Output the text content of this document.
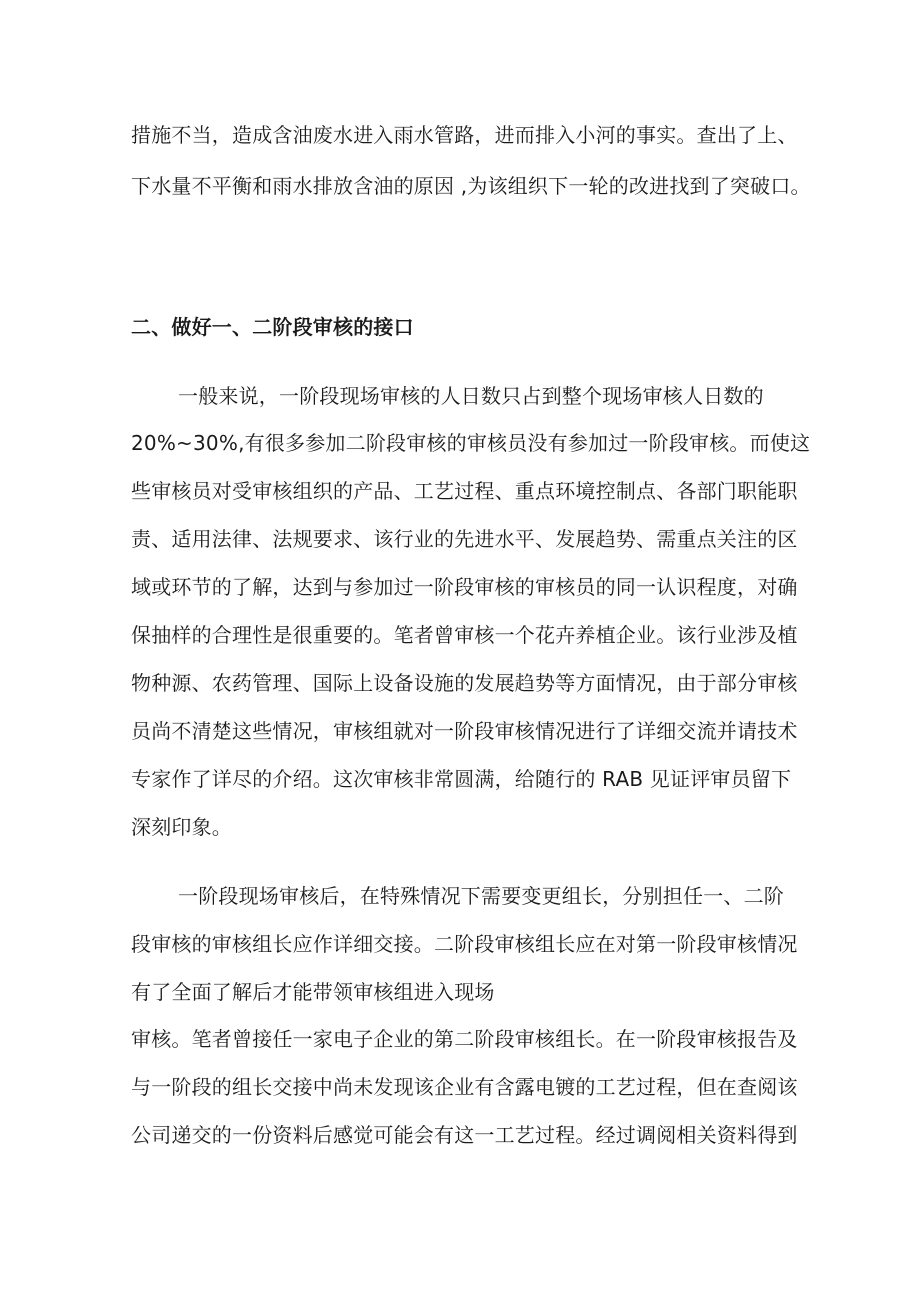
措施不当，造成含油废水进入雨水管路，进而排入小河的事实。查出了上、
下水量不平衡和雨水排放含油的原因 ,为该组织下一轮的改进找到了突破口。
二、做好一、二阶段审核的接口
一般来说，一阶段现场审核的人日数只占到整个现场审核人日数的
20%~30%,有很多参加二阶段审核的审核员没有参加过一阶段审核。而使这
些审核员对受审核组织的产品、工艺过程、重点环境控制点、各部门职能职
责、适用法律、法规要求、该行业的先进水平、发展趋势、需重点关注的区
域或环节的了解，达到与参加过一阶段审核的审核员的同一认识程度，对确
保抽样的合理性是很重要的。笔者曾审核一个花卉养植企业。该行业涉及植
物种源、农药管理、国际上设备设施的发展趋势等方面情况，由于部分审核
员尚不清楚这些情况，审核组就对一阶段审核情况进行了详细交流并请技术
专家作了详尽的介绍。这次审核非常圆满，给随行的 RAB 见证评审员留下
深刻印象。
一阶段现场审核后，在特殊情况下需要变更组长，分别担任一、二阶
段审核的审核组长应作详细交接。二阶段审核组长应在对第一阶段审核情况
有了全面了解后才能带领审核组进入现场
审核。笔者曾接任一家电子企业的第二阶段审核组长。在一阶段审核报告及
与一阶段的组长交接中尚未发现该企业有含露电镀的工艺过程，但在查阅该
公司递交的一份资料后感觉可能会有这一工艺过程。经过调阅相关资料得到
